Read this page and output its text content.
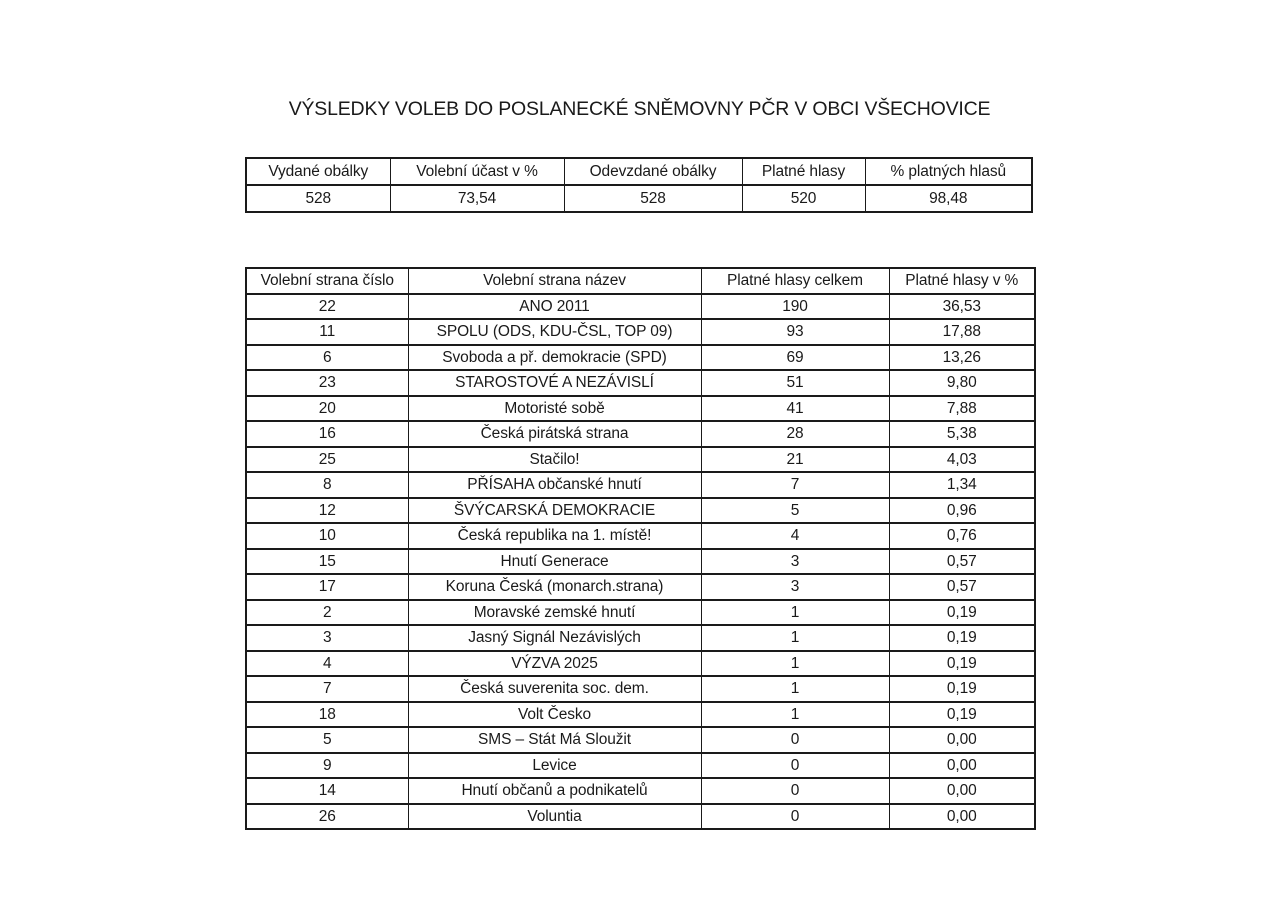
VÝSLEDKY VOLEB DO POSLANECKÉ SNĚMOVNY PČR V OBCI VŠECHOVICE
Vydané obálky	Volební účast v %	Odevzdané obálky	Platné hlasy	% platných hlasů
528	73,54	528	520	98,48
Volební strana číslo	Volební strana název	Platné hlasy celkem	Platné hlasy v %
22	ANO 2011	190	36,53
11	SPOLU (ODS, KDU-ČSL, TOP 09)	93	17,88
6	Svoboda a př. demokracie (SPD)	69	13,26
23	STAROSTOVÉ A NEZÁVISLÍ	51	9,80
20	Motoristé sobě	41	7,88
16	Česká pirátská strana	28	5,38
25	Stačilo!	21	4,03
8	PŘÍSAHA občanské hnutí	7	1,34
12	ŠVÝCARSKÁ DEMOKRACIE	5	0,96
10	Česká republika na 1. místě!	4	0,76
15	Hnutí Generace	3	0,57
17	Koruna Česká (monarch.strana)	3	0,57
2	Moravské zemské hnutí	1	0,19
3	Jasný Signál Nezávislých	1	0,19
4	VÝZVA 2025	1	0,19
7	Česká suverenita soc. dem.	1	0,19
18	Volt Česko	1	0,19
5	SMS – Stát Má Sloužit	0	0,00
9	Levice	0	0,00
14	Hnutí občanů a podnikatelů	0	0,00
26	Voluntia	0	0,00
